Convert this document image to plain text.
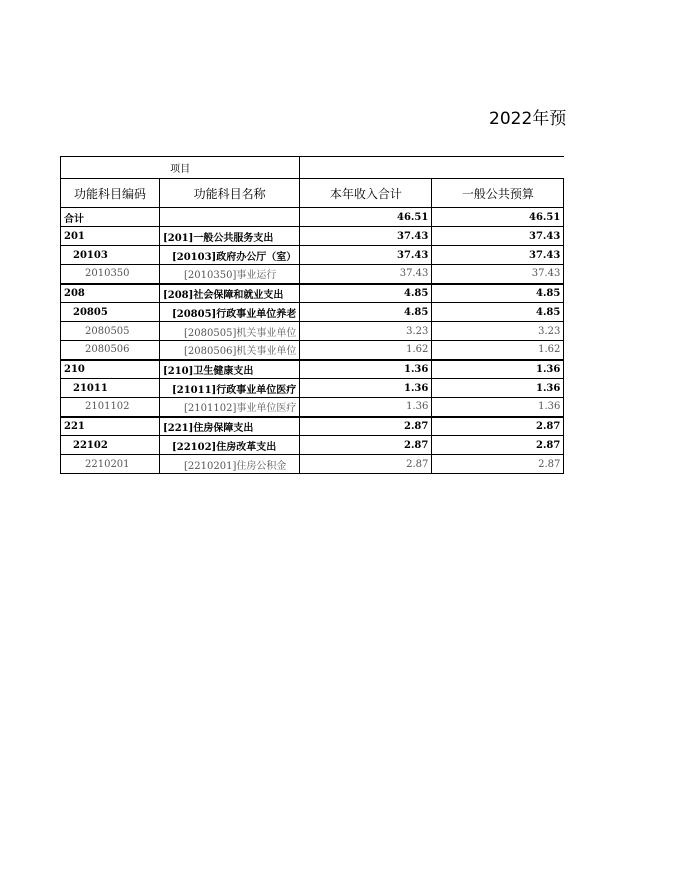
2022年预
项目			
功能科目编码	功能科目名称	本年收入合计	一般公共预算
合计		46.51	46.51
201	[201]一般公共服务支出	37.43	37.43
20103	[20103]政府办公厅（室）	37.43	37.43
2010350	[2010350]事业运行	37.43	37.43
208	[208]社会保障和就业支出	4.85	4.85
20805	[20805]行政事业单位养老	4.85	4.85
2080505	[2080505]机关事业单位	3.23	3.23
2080506	[2080506]机关事业单位	1.62	1.62
210	[210]卫生健康支出	1.36	1.36
21011	[21011]行政事业单位医疗	1.36	1.36
2101102	[2101102]事业单位医疗	1.36	1.36
221	[221]住房保障支出	2.87	2.87
22102	[22102]住房改革支出	2.87	2.87
2210201	[2210201]住房公积金	2.87	2.87
